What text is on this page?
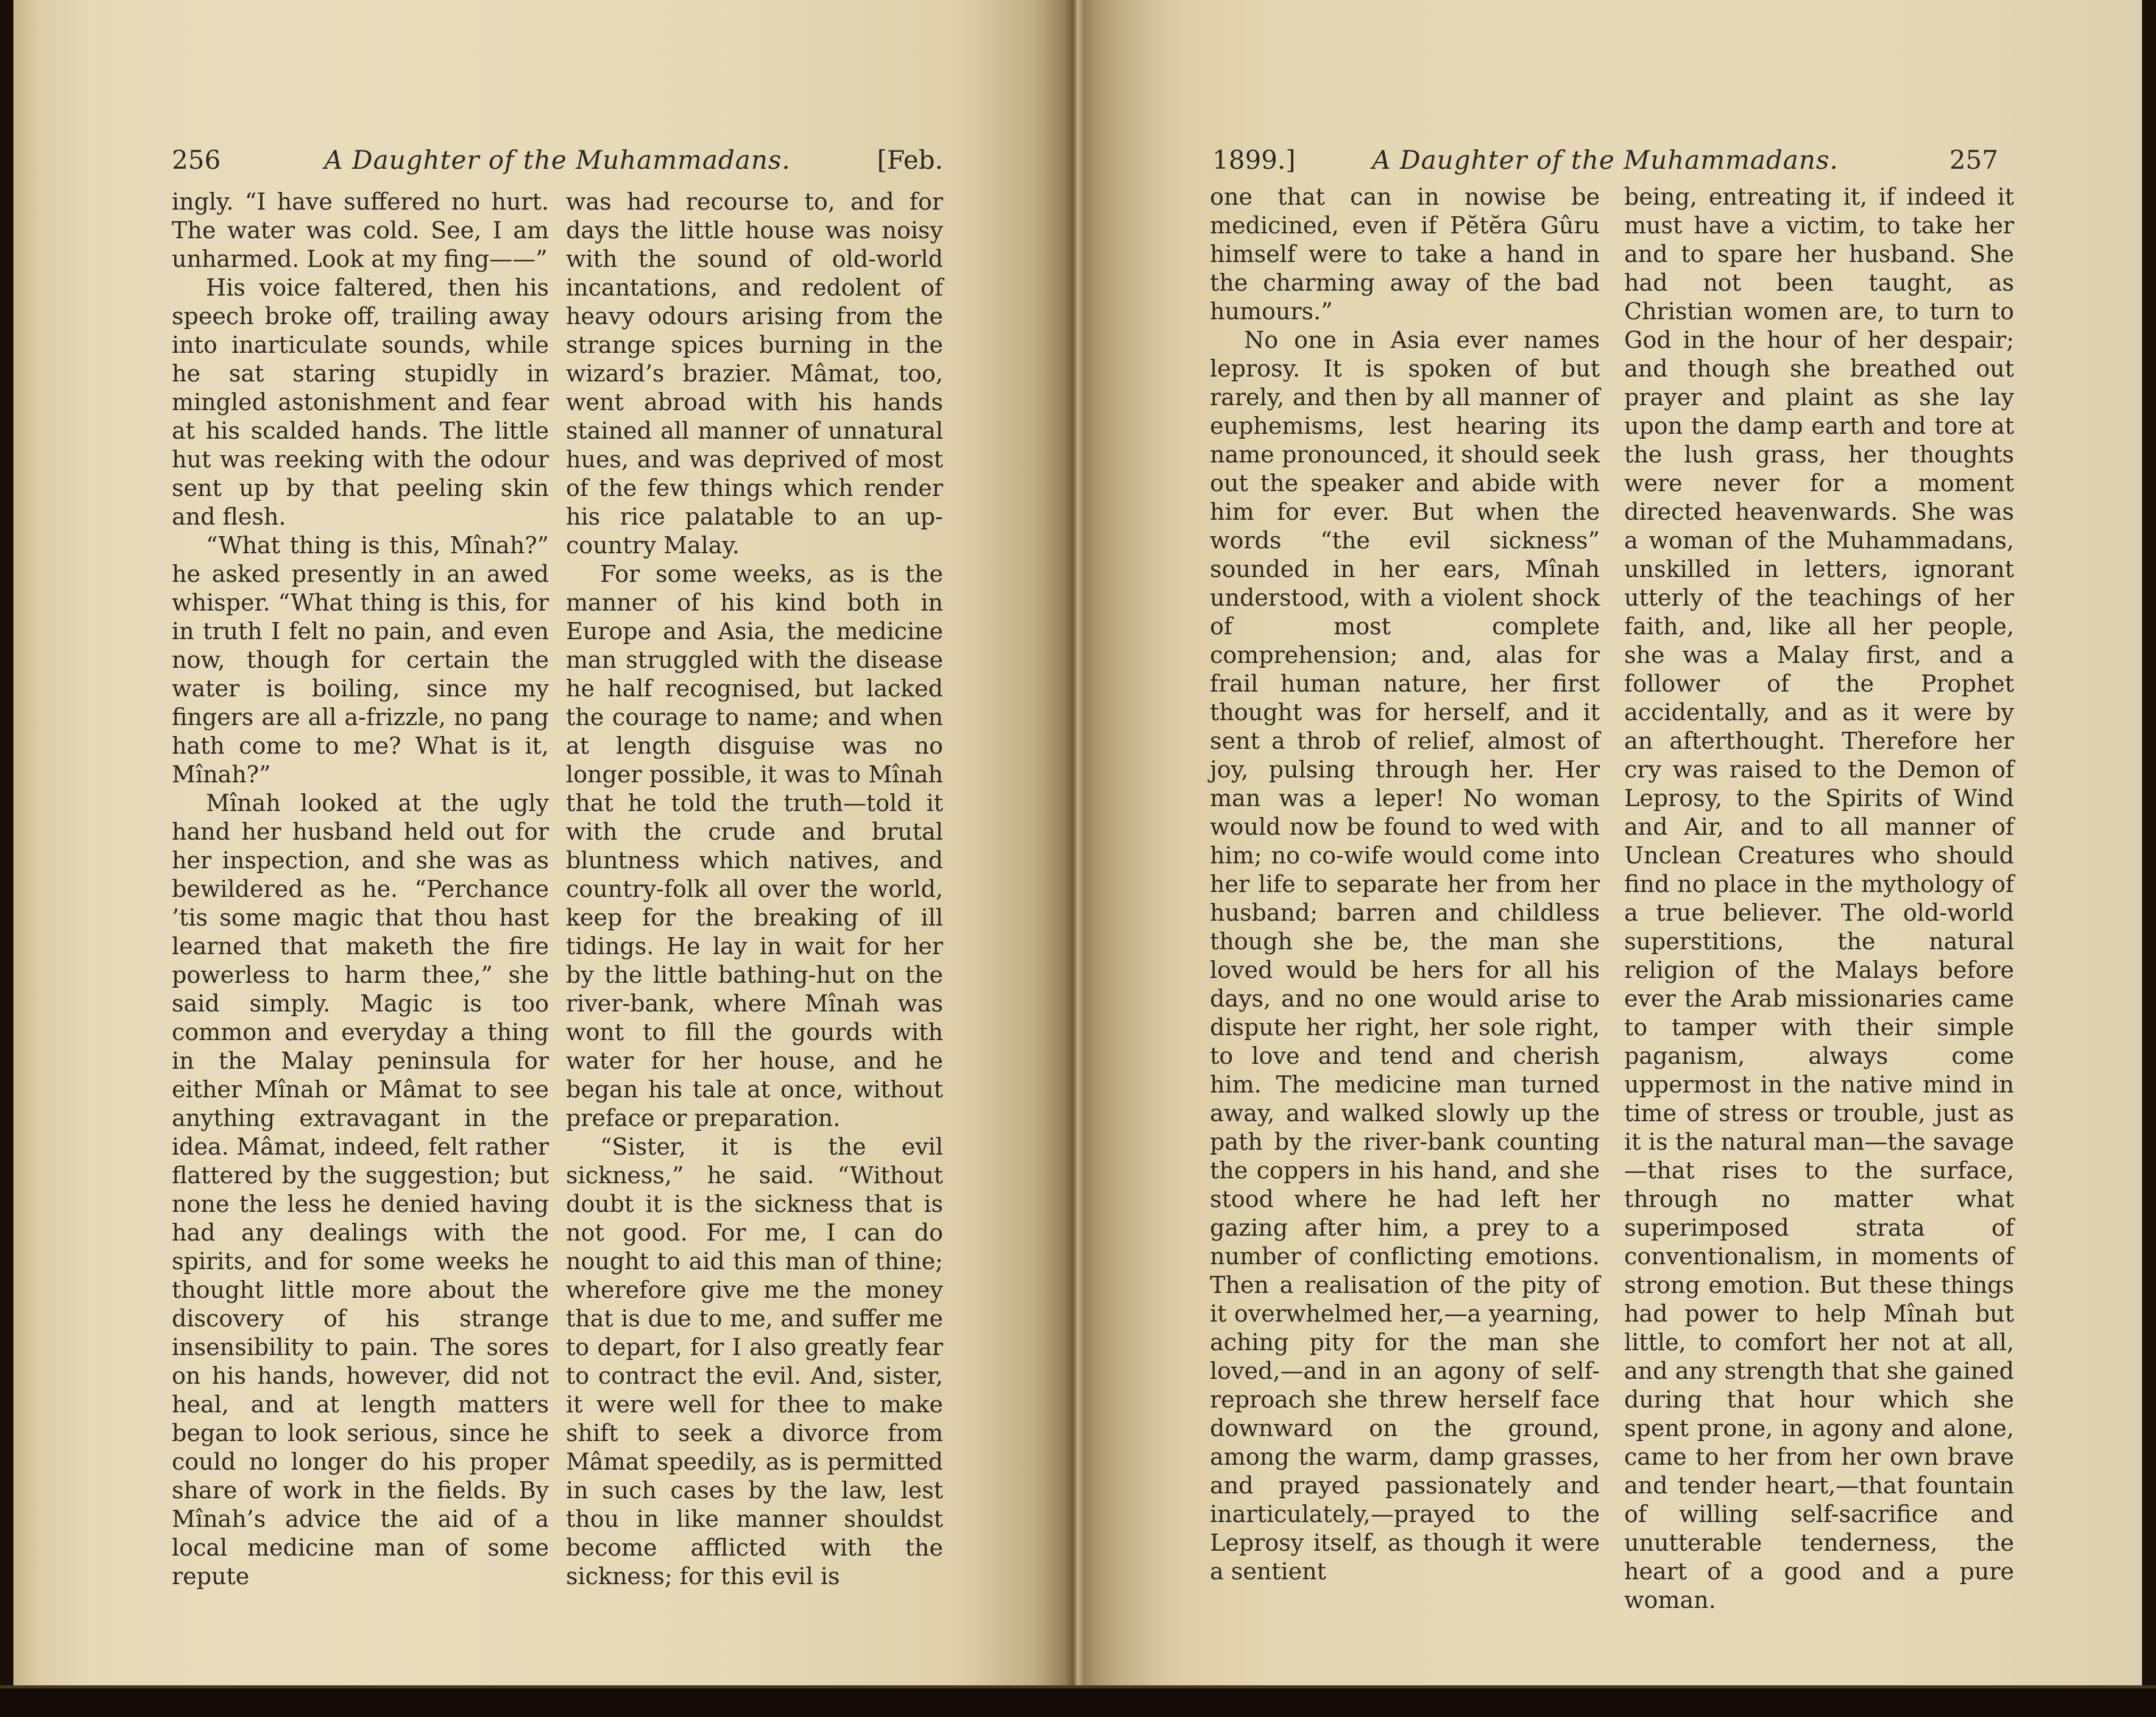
256	A Daughter of the Muhammadans.	[Feb.

ingly. “I have suffered no hurt. The water was cold. See, I am unharmed. Look at my fing——”

His voice faltered, then his speech broke off, trailing away into inarticulate sounds, while he sat staring stupidly in mingled astonishment and fear at his scalded hands. The little hut was reeking with the odour sent up by that peeling skin and flesh.

“What thing is this, Mînah?” he asked presently in an awed whisper. “What thing is this, for in truth I felt no pain, and even now, though for certain the water is boiling, since my fingers are all a-frizzle, no pang hath come to me? What is it, Mînah?”

Mînah looked at the ugly hand her husband held out for her inspection, and she was as bewildered as he. “Perchance ’tis some magic that thou hast learned that maketh the fire powerless to harm thee,” she said simply. Magic is too common and everyday a thing in the Malay peninsula for either Mînah or Mâmat to see anything extravagant in the idea. Mâmat, indeed, felt rather flattered by the suggestion; but none the less he denied having had any dealings with the spirits, and for some weeks he thought little more about the discovery of his strange insensibility to pain. The sores on his hands, however, did not heal, and at length matters began to look serious, since he could no longer do his proper share of work in the fields. By Mînah’s advice the aid of a local medicine man of some repute

was had recourse to, and for days the little house was noisy with the sound of old-world incantations, and redolent of heavy odours arising from the strange spices burning in the wizard’s brazier. Mâmat, too, went abroad with his hands stained all manner of unnatural hues, and was deprived of most of the few things which render his rice palatable to an up-country Malay.

For some weeks, as is the manner of his kind both in Europe and Asia, the medicine man struggled with the disease he half recognised, but lacked the courage to name; and when at length disguise was no longer possible, it was to Mînah that he told the truth—told it with the crude and brutal bluntness which natives, and country-folk all over the world, keep for the breaking of ill tidings. He lay in wait for her by the little bathing-hut on the river-bank, where Mînah was wont to fill the gourds with water for her house, and he began his tale at once, without preface or preparation.

“Sister, it is the evil sickness,” he said. “Without doubt it is the sickness that is not good. For me, I can do nought to aid this man of thine; wherefore give me the money that is due to me, and suffer me to depart, for I also greatly fear to contract the evil. And, sister, it were well for thee to make shift to seek a divorce from Mâmat speedily, as is permitted in such cases by the law, lest thou in like manner shouldst become afflicted with the sickness; for this evil is

1899.]	A Daughter of the Muhammadans.	257

one that can in nowise be medicined, even if Pĕtĕra Gûru himself were to take a hand in the charming away of the bad humours.”

No one in Asia ever names leprosy. It is spoken of but rarely, and then by all manner of euphemisms, lest hearing its name pronounced, it should seek out the speaker and abide with him for ever. But when the words “the evil sickness” sounded in her ears, Mînah understood, with a violent shock of most complete comprehension; and, alas for frail human nature, her first thought was for herself, and it sent a throb of relief, almost of joy, pulsing through her. Her man was a leper! No woman would now be found to wed with him; no co-wife would come into her life to separate her from her husband; barren and childless though she be, the man she loved would be hers for all his days, and no one would arise to dispute her right, her sole right, to love and tend and cherish him. The medicine man turned away, and walked slowly up the path by the river-bank counting the coppers in his hand, and she stood where he had left her gazing after him, a prey to a number of conflicting emotions. Then a realisation of the pity of it overwhelmed her,—a yearning, aching pity for the man she loved,—and in an agony of self-reproach she threw herself face downward on the ground, among the warm, damp grasses, and prayed passionately and inarticulately,—prayed to the Leprosy itself, as though it were a sentient

being, entreating it, if indeed it must have a victim, to take her and to spare her husband. She had not been taught, as Christian women are, to turn to God in the hour of her despair; and though she breathed out prayer and plaint as she lay upon the damp earth and tore at the lush grass, her thoughts were never for a moment directed heavenwards. She was a woman of the Muhammadans, unskilled in letters, ignorant utterly of the teachings of her faith, and, like all her people, she was a Malay first, and a follower of the Prophet accidentally, and as it were by an afterthought. Therefore her cry was raised to the Demon of Leprosy, to the Spirits of Wind and Air, and to all manner of Unclean Creatures who should find no place in the mythology of a true believer. The old-world superstitions, the natural religion of the Malays before ever the Arab missionaries came to tamper with their simple paganism, always come uppermost in the native mind in time of stress or trouble, just as it is the natural man—the savage—that rises to the surface, through no matter what superimposed strata of conventionalism, in moments of strong emotion. But these things had power to help Mînah but little, to comfort her not at all, and any strength that she gained during that hour which she spent prone, in agony and alone, came to her from her own brave and tender heart,—that fountain of willing self-sacrifice and unutterable tenderness, the heart of a good and a pure woman.
